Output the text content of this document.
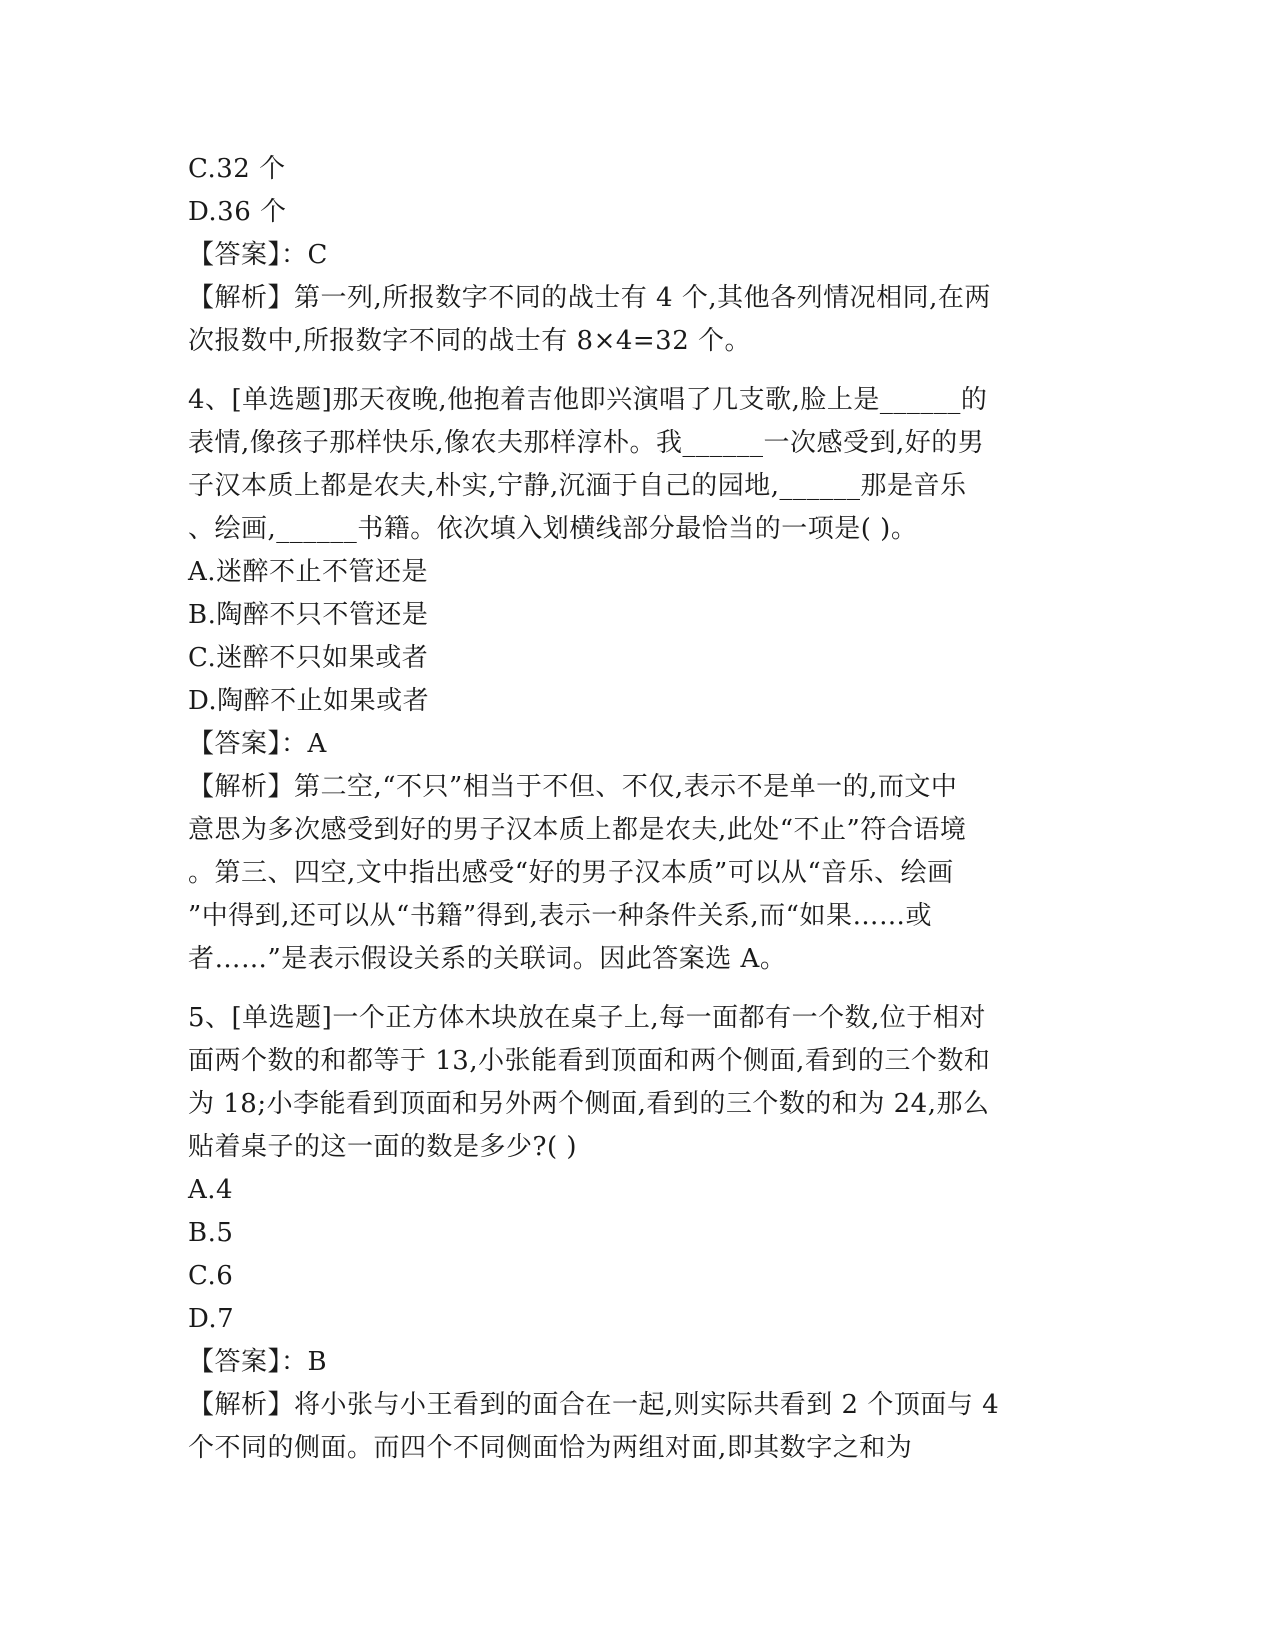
C.32 个
D.36 个
【答案】：C
【解析】第一列,所报数字不同的战士有 4 个,其他各列情况相同,在两
次报数中,所报数字不同的战士有 8×4=32 个。
4、[单选题]那天夜晚,他抱着吉他即兴演唱了几支歌,脸上是______的
表情,像孩子那样快乐,像农夫那样淳朴。我______一次感受到,好的男
子汉本质上都是农夫,朴实,宁静,沉湎于自己的园地,______那是音乐
、绘画,______书籍。依次填入划横线部分最恰当的一项是( )。
A.迷醉不止不管还是
B.陶醉不只不管还是
C.迷醉不只如果或者
D.陶醉不止如果或者
【答案】：A
【解析】第二空,“不只”相当于不但、不仅,表示不是单一的,而文中
意思为多次感受到好的男子汉本质上都是农夫,此处“不止”符合语境
。第三、四空,文中指出感受“好的男子汉本质”可以从“音乐、绘画
”中得到,还可以从“书籍”得到,表示一种条件关系,而“如果……或
者……”是表示假设关系的关联词。因此答案选 A。
5、[单选题]一个正方体木块放在桌子上,每一面都有一个数,位于相对
面两个数的和都等于 13,小张能看到顶面和两个侧面,看到的三个数和
为 18;小李能看到顶面和另外两个侧面,看到的三个数的和为 24,那么
贴着桌子的这一面的数是多少?( )
A.4
B.5
C.6
D.7
【答案】：B
【解析】将小张与小王看到的面合在一起,则实际共看到 2 个顶面与 4
个不同的侧面。而四个不同侧面恰为两组对面,即其数字之和为
